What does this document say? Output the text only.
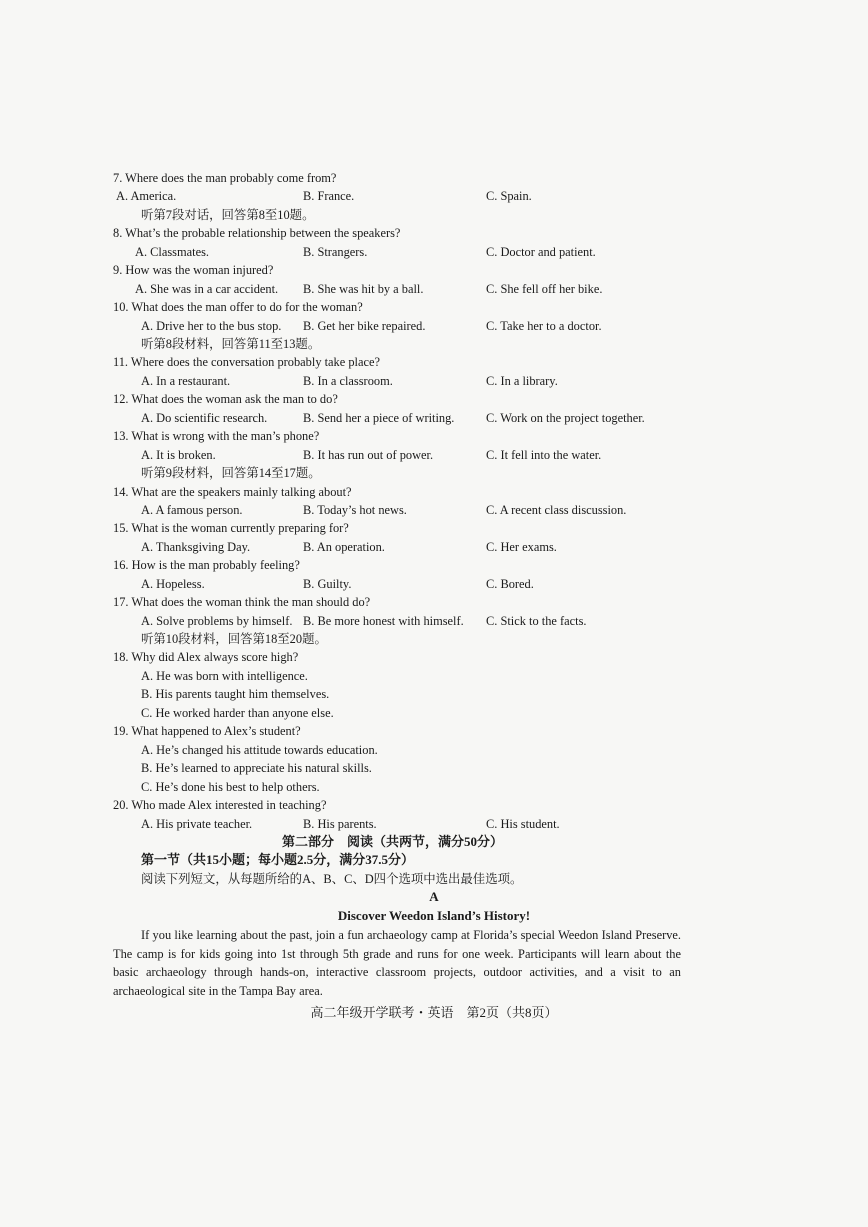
第二部分　阅读（共两节，满分50分）
第一节（共15小题；每小题2.5分，满分37.5分）
阅读下列短文，从每题所给的A、B、C、D四个选项中选出最佳选项。
A
Discover Weedon Island’s History!
If you like learning about the past, join a fun archaeology camp at Florida’s special Weedon Island Preserve. The camp is for kids going into 1st through 5th grade and runs for one week. Participants will learn about the basic archaeology through hands-on, interactive classroom projects, outdoor activities, and a visit to an archaeological site in the Tampa Bay area.
高二年级开学联考・英语　第2页（共8页）
7. Where does the man probably come from?
A. America.	B. France.	C. Spain.
听第7段对话，回答第8至10题。
8. What’s the probable relationship between the speakers?
A. Classmates.	B. Strangers.	C. Doctor and patient.
9. How was the woman injured?
A. She was in a car accident. B. She was hit by a ball.	C. She fell off her bike.
10. What does the man offer to do for the woman?
A. Drive her to the bus stop. B. Get her bike repaired.	C. Take her to a doctor.
听第8段材料，回答第11至13题。
11. Where does the conversation probably take place?
A. In a restaurant.	B. In a classroom.	C. In a library.
12. What does the woman ask the man to do?
A. Do scientific research.	B. Send her a piece of writing.	C. Work on the project together.
13. What is wrong with the man’s phone?
A. It is broken.	B. It has run out of power.	C. It fell into the water.
听第9段材料，回答第14至17题。
14. What are the speakers mainly talking about?
A. A famous person.	B. Today’s hot news.	C. A recent class discussion.
15. What is the woman currently preparing for?
A. Thanksgiving Day.	B. An operation.	C. Her exams.
16. How is the man probably feeling?
A. Hopeless.	B. Guilty.	C. Bored.
17. What does the woman think the man should do?
A. Solve problems by himself. B. Be more honest with himself. C. Stick to the facts.
听第10段材料，回答第18至20题。
18. Why did Alex always score high?
A. He was born with intelligence.
B. His parents taught him themselves.
C. He worked harder than anyone else.
19. What happened to Alex’s student?
A. He’s changed his attitude towards education.
B. He’s learned to appreciate his natural skills.
C. He’s done his best to help others.
20. Who made Alex interested in teaching?
A. His private teacher.	B. His parents.	C. His student.
